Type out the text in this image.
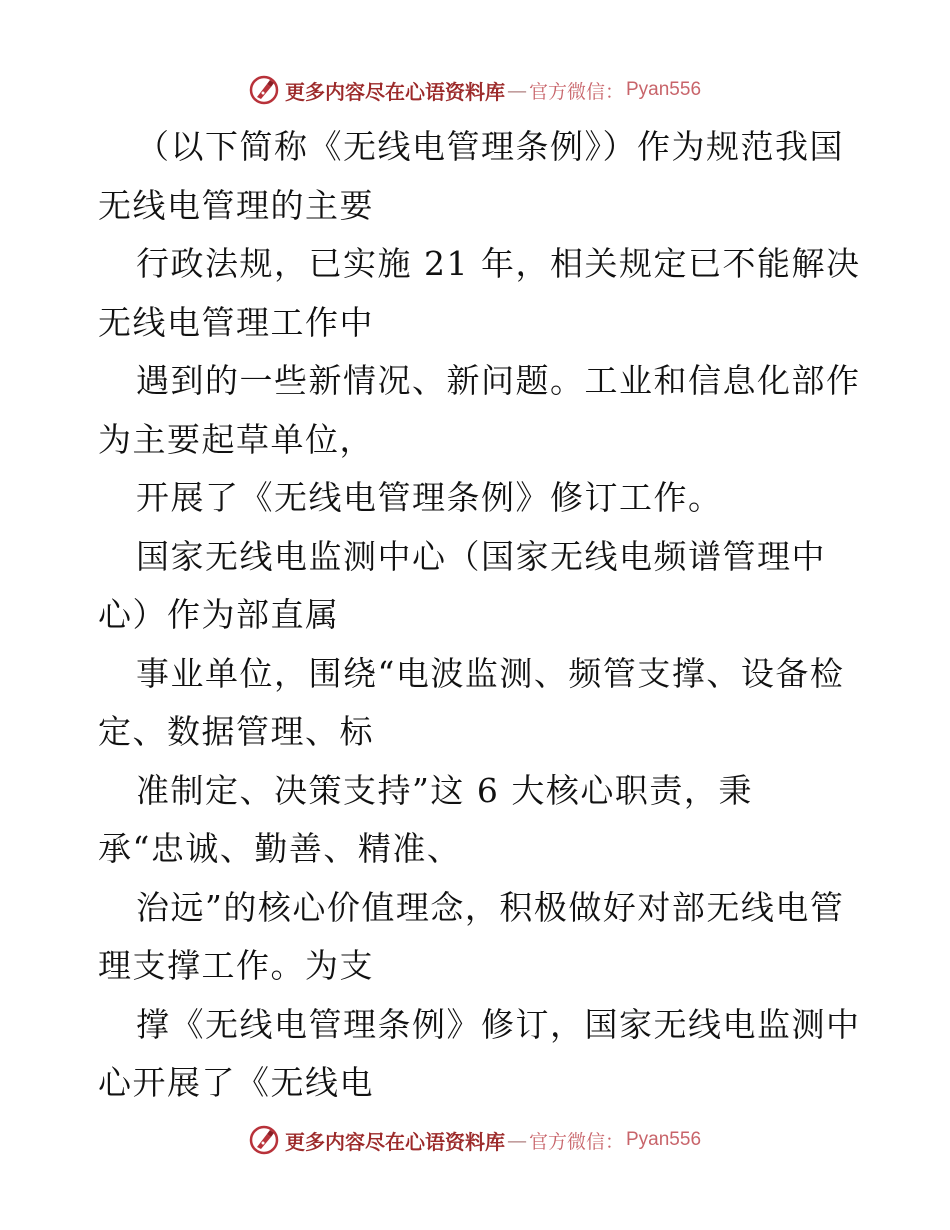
更多内容尽在心语资料库 — 官方微信： Pyan556
（以下简称《无线电管理条例》）作为规范我国
无线电管理的主要
行政法规，已实施 21 年，相关规定已不能解决
无线电管理工作中
遇到的一些新情况、新问题。工业和信息化部作
为主要起草单位，
开展了《无线电管理条例》修订工作。
国家无线电监测中心（国家无线电频谱管理中
心）作为部直属
事业单位，围绕“电波监测、频管支撑、设备检
定、数据管理、标
准制定、决策支持”这 6 大核心职责，秉
承“忠诚、勤善、精准、
治远”的核心价值理念，积极做好对部无线电管
理支撑工作。为支
撑《无线电管理条例》修订，国家无线电监测中
心开展了《无线电
更多内容尽在心语资料库 — 官方微信： Pyan556
